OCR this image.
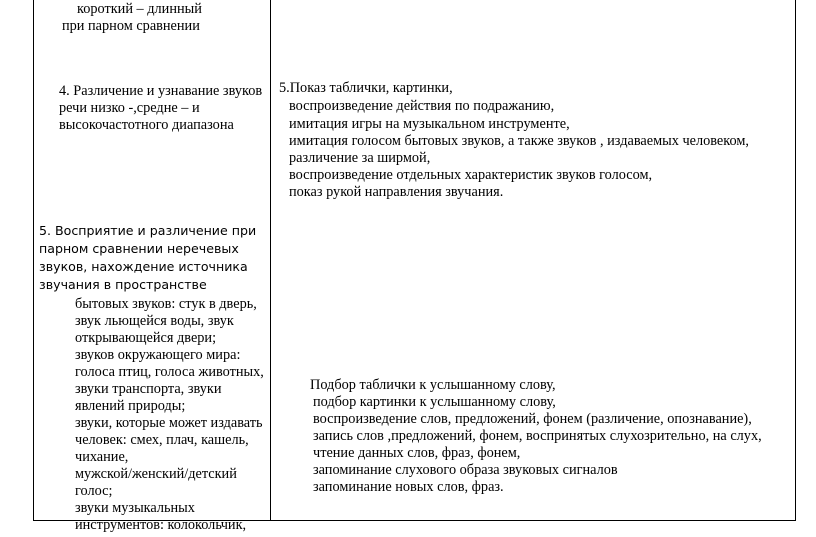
короткий – длинный
при парном сравнении
4. Различение и узнавание звуков
речи низко -,средне – и
высокочастотного диапазона
5. Восприятие и различение при
парном сравнении неречевых
звуков, нахождение источника
звучания в пространстве
бытовых звуков: стук в дверь,
звук льющейся воды, звук
открывающейся двери;
звуков окружающего мира:
голоса птиц, голоса животных,
звуки транспорта, звуки
явлений природы;
звуки, которые может издавать
человек: смех, плач, кашель,
чихание,
мужской/женский/детский
голос;
звуки музыкальных
инструментов: колокольчик,
5.Показ таблички, картинки,
воспроизведение действия по подражанию,
имитация игры на музыкальном инструменте,
имитация голосом бытовых звуков, а также звуков , издаваемых человеком,
различение за ширмой,
воспроизведение отдельных характеристик звуков голосом,
показ рукой направления звучания.
Подбор таблички к услышанному слову,
подбор картинки к услышанному слову,
воспроизведение слов, предложений, фонем (различение, опознавание),
запись слов ,предложений, фонем, воспринятых слухозрительно, на слух,
чтение данных слов, фраз, фонем,
запоминание слухового образа звуковых сигналов
запоминание новых слов, фраз.
